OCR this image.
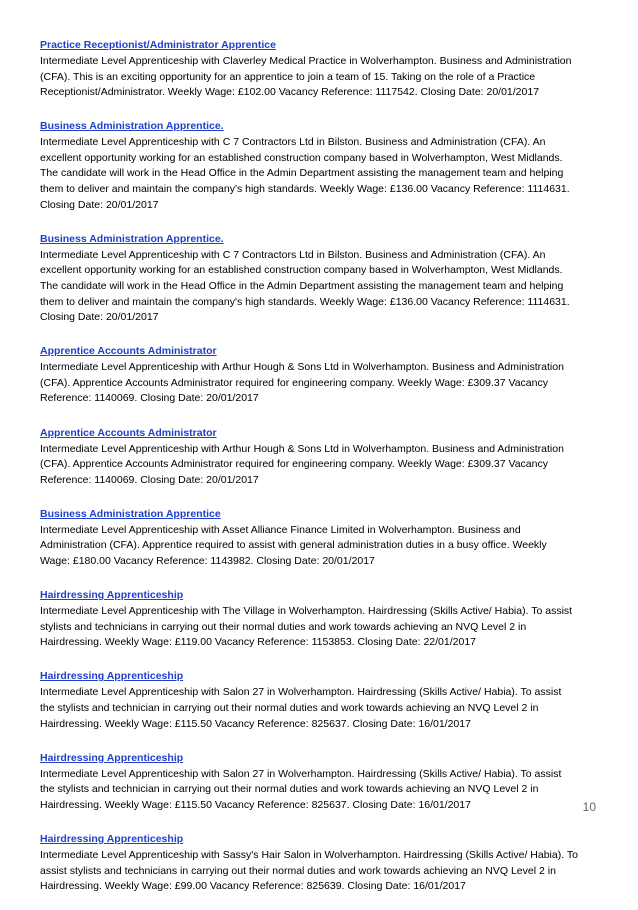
Practice Receptionist/Administrator Apprentice

Intermediate Level Apprenticeship with Claverley Medical Practice in Wolverhampton. Business and Administration
(CFA). This is an exciting opportunity for an apprentice to join a team of 15. Taking on the role of a Practice
Receptionist/Administrator. Weekly Wage: £102.00 Vacancy Reference: 1117542. Closing Date: 20/01/2017

Business Administration Apprentice.

Intermediate Level Apprenticeship with C 7 Contractors Ltd in Bilston. Business and Administration (CFA). An
excellent opportunity working for an established construction company based in Wolverhampton, West Midlands.
The candidate will work in the Head Office in the Admin Department assisting the management team and helping
them to deliver and maintain the company's high standards. Weekly Wage: £136.00 Vacancy Reference: 1114631.
Closing Date: 20/01/2017

Business Administration Apprentice.

Intermediate Level Apprenticeship with C 7 Contractors Ltd in Bilston. Business and Administration (CFA). An
excellent opportunity working for an established construction company based in Wolverhampton, West Midlands.
The candidate will work in the Head Office in the Admin Department assisting the management team and helping
them to deliver and maintain the company's high standards. Weekly Wage: £136.00 Vacancy Reference: 1114631.
Closing Date: 20/01/2017

Apprentice Accounts Administrator

Intermediate Level Apprenticeship with Arthur Hough & Sons Ltd in Wolverhampton. Business and Administration
(CFA). Apprentice Accounts Administrator required for engineering company. Weekly Wage: £309.37 Vacancy
Reference: 1140069. Closing Date: 20/01/2017

Apprentice Accounts Administrator

Intermediate Level Apprenticeship with Arthur Hough & Sons Ltd in Wolverhampton. Business and Administration
(CFA). Apprentice Accounts Administrator required for engineering company. Weekly Wage: £309.37 Vacancy
Reference: 1140069. Closing Date: 20/01/2017

Business Administration Apprentice

Intermediate Level Apprenticeship with Asset Alliance Finance Limited in Wolverhampton. Business and
Administration (CFA). Apprentice required to assist with general administration duties in a busy office. Weekly
Wage: £180.00 Vacancy Reference: 1143982. Closing Date: 20/01/2017

Hairdressing Apprenticeship

Intermediate Level Apprenticeship with The Village in Wolverhampton. Hairdressing (Skills Active/ Habia). To assist
stylists and technicians in carrying out their normal duties and work towards achieving an NVQ Level 2 in
Hairdressing. Weekly Wage: £119.00 Vacancy Reference: 1153853. Closing Date: 22/01/2017

Hairdressing Apprenticeship

Intermediate Level Apprenticeship with Salon 27 in Wolverhampton. Hairdressing (Skills Active/ Habia). To assist
the stylists and technician in carrying out their normal duties and work towards achieving an NVQ Level 2 in
Hairdressing. Weekly Wage: £115.50 Vacancy Reference: 825637. Closing Date: 16/01/2017

Hairdressing Apprenticeship

Intermediate Level Apprenticeship with Salon 27 in Wolverhampton. Hairdressing (Skills Active/ Habia). To assist
the stylists and technician in carrying out their normal duties and work towards achieving an NVQ Level 2 in
Hairdressing. Weekly Wage: £115.50 Vacancy Reference: 825637. Closing Date: 16/01/2017

Hairdressing Apprenticeship

Intermediate Level Apprenticeship with Sassy's Hair Salon in Wolverhampton. Hairdressing (Skills Active/ Habia). To
assist stylists and technicians in carrying out their normal duties and work towards achieving an NVQ Level 2 in
Hairdressing. Weekly Wage: £99.00 Vacancy Reference: 825639. Closing Date: 16/01/2017

10
